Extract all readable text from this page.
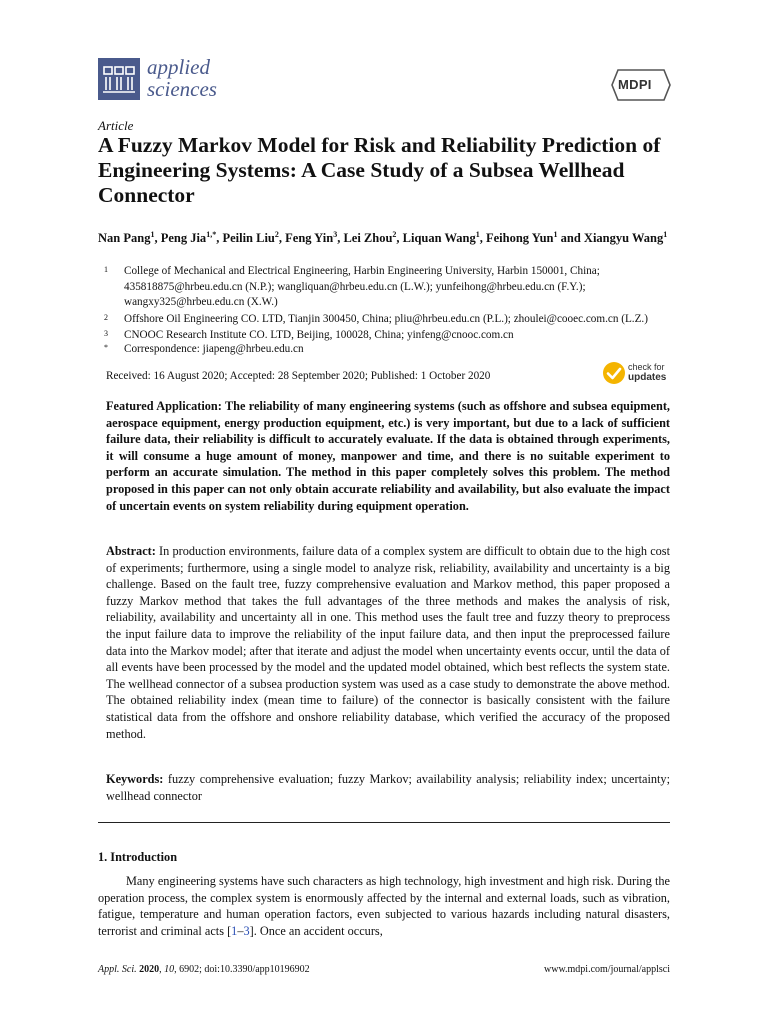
applied
sciences	MDPI
Article
A Fuzzy Markov Model for Risk and Reliability Prediction of Engineering Systems: A Case Study of a Subsea Wellhead Connector
Nan Pang$^1$, Peng Jia$^{1,*}$, Peilin Liu$^2$, Feng Yin$^3$, Lei Zhou$^2$, Liquan Wang$^1$, Feihong Yun$^1$ and Xiangyu Wang$^1$
1 College of Mechanical and Electrical Engineering, Harbin Engineering University, Harbin 150001, China; 435818875@hrbeu.edu.cn (N.P.); wangliquan@hrbeu.edu.cn (L.W.); yunfeihong@hrbeu.edu.cn (F.Y.); wangxy325@hrbeu.edu.cn (X.W.)
2 Offshore Oil Engineering CO. LTD, Tianjin 300450, China; pliu@hrbeu.edu.cn (P.L.); zhoulei@cooec.com.cn (L.Z.)
3 CNOOC Research Institute CO. LTD, Beijing, 100028, China; yinfeng@cnooc.com.cn
* Correspondence: jiapeng@hrbeu.edu.cn
Received: 16 August 2020; Accepted: 28 September 2020; Published: 1 October 2020
check for
updates

Featured Application: The reliability of many engineering systems (such as offshore and subsea equipment, aerospace equipment, energy production equipment, etc.) is very important, but due to a lack of sufficient failure data, their reliability is difficult to accurately evaluate. If the data is obtained through experiments, it will consume a huge amount of money, manpower and time, and there is no suitable experiment to perform an accurate simulation. The method in this paper completely solves this problem. The method proposed in this paper can not only obtain accurate reliability and availability, but also evaluate the impact of uncertain events on system reliability during equipment operation.

Abstract: In production environments, failure data of a complex system are difficult to obtain due to the high cost of experiments; furthermore, using a single model to analyze risk, reliability, availability and uncertainty is a big challenge. Based on the fault tree, fuzzy comprehensive evaluation and Markov method, this paper proposed a fuzzy Markov method that takes the full advantages of the three methods and makes the analysis of risk, reliability, availability and uncertainty all in one. This method uses the fault tree and fuzzy theory to preprocess the input failure data to improve the reliability of the input failure data, and then input the preprocessed failure data into the Markov model; after that iterate and adjust the model when uncertainty events occur, until the data of all events have been processed by the model and the updated model obtained, which best reflects the system state. The wellhead connector of a subsea production system was used as a case study to demonstrate the above method. The obtained reliability index (mean time to failure) of the connector is basically consistent with the failure statistical data from the offshore and onshore reliability database, which verified the accuracy of the proposed method.

Keywords: fuzzy comprehensive evaluation; fuzzy Markov; availability analysis; reliability index; uncertainty; wellhead connector

1. Introduction

Many engineering systems have such characters as high technology, high investment and high risk. During the operation process, the complex system is enormously affected by the internal and external loads, such as vibration, fatigue, temperature and human operation factors, even subjected to various hazards including natural disasters, terrorist and criminal acts [1–3]. Once an accident occurs,

Appl. Sci. 2020, 10, 6902; doi:10.3390/app10196902	www.mdpi.com/journal/applsci
